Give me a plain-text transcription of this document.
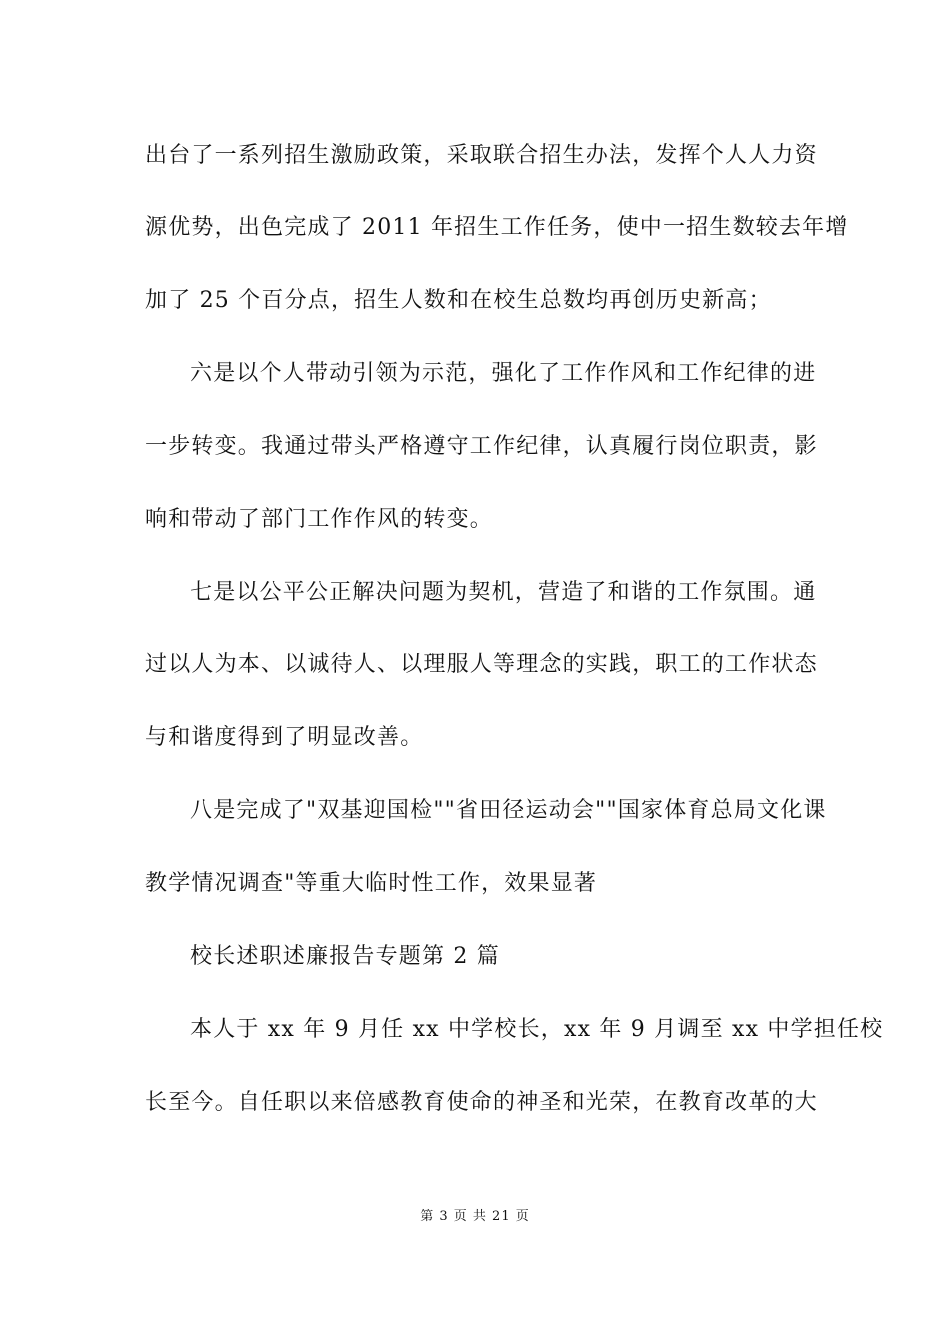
出台了一系列招生激励政策，采取联合招生办法，发挥个人人力资
源优势，出色完成了 2011 年招生工作任务，使中一招生数较去年增
加了 25 个百分点，招生人数和在校生总数均再创历史新高；
六是以个人带动引领为示范，强化了工作作风和工作纪律的进
一步转变。我通过带头严格遵守工作纪律，认真履行岗位职责，影
响和带动了部门工作作风的转变。
七是以公平公正解决问题为契机，营造了和谐的工作氛围。通
过以人为本、以诚待人、以理服人等理念的实践，职工的工作状态
与和谐度得到了明显改善。
八是完成了"双基迎国检""省田径运动会""国家体育总局文化课
教学情况调查"等重大临时性工作，效果显著
校长述职述廉报告专题第 2 篇
本人于 xx 年 9 月任 xx 中学校长，xx 年 9 月调至 xx 中学担任校
长至今。自任职以来倍感教育使命的神圣和光荣，在教育改革的大
第 3 页 共 21 页
